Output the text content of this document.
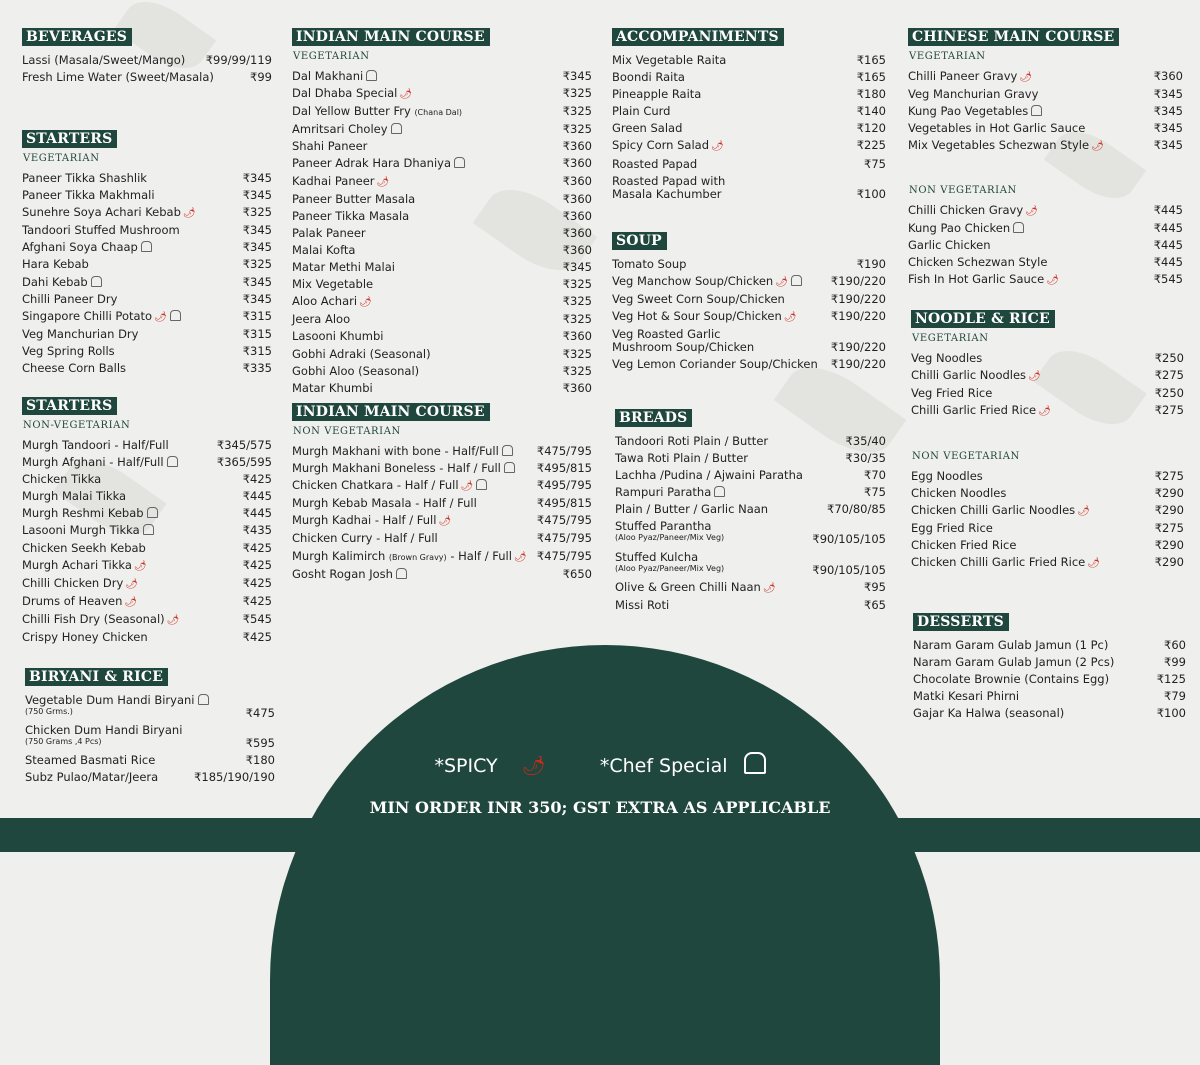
BEVERAGES
Lassi (Masala/Sweet/Mango) ₹99/99/119
Fresh Lime Water (Sweet/Masala)	₹99
STARTERS
VEGETARIAN
Paneer Tikka Shashlik	₹345
Paneer Tikka Makhmali	₹345
Sunehre Soya Achari Kebab 🌶	₹325
Tandoori Stuffed Mushroom	₹345
Afghani Soya Chaap	₹345
Hara Kebab	₹325
Dahi Kebab	₹345
Chilli Paneer Dry	₹345
Singapore Chilli Potato 🌶	₹315
Veg Manchurian Dry	₹315
Veg Spring Rolls	₹315
Cheese Corn Balls	₹335
STARTERS
NON-VEGETARIAN
Murgh Tandoori - Half/Full	₹345/575
Murgh Afghani - Half/Full	₹365/595
Chicken Tikka	₹425
Murgh Malai Tikka	₹445
Murgh Reshmi Kebab	₹445
Lasooni Murgh Tikka	₹435
Chicken Seekh Kebab	₹425
Murgh Achari Tikka 🌶	₹425
Chilli Chicken Dry 🌶	₹425
Drums of Heaven 🌶	₹425
Chilli Fish Dry (Seasonal) 🌶	₹545
Crispy Honey Chicken	₹425
BIRYANI & RICE
Vegetable Dum Handi Biryani
(750 Grms.)	₹475
Chicken Dum Handi Biryani
(750 Grams ,4 Pcs)	₹595
Steamed Basmati Rice	₹180
Subz Pulao/Matar/Jeera	₹185/190/190
INDIAN MAIN COURSE
VEGETARIAN
Dal Makhani	₹345
Dal Dhaba Special 🌶	₹325
Dal Yellow Butter Fry (Chana Dal)	₹325
Amritsari Choley	₹325
Shahi Paneer	₹360
Paneer Adrak Hara Dhaniya	₹360
Kadhai Paneer 🌶	₹360
Paneer Butter Masala	₹360
Paneer Tikka Masala	₹360
Palak Paneer	₹360
Malai Kofta	₹360
Matar Methi Malai	₹345
Mix Vegetable	₹325
Aloo Achari 🌶	₹325
Jeera Aloo	₹325
Lasooni Khumbi	₹360
Gobhi Adraki (Seasonal)	₹325
Gobhi Aloo (Seasonal)	₹325
Matar Khumbi	₹360
INDIAN MAIN COURSE
NON VEGETARIAN
Murgh Makhani with bone - Half/Full	₹475/795
Murgh Makhani Boneless - Half / Full	₹495/815
Chicken Chatkara - Half / Full 🌶	₹495/795
Murgh Kebab Masala - Half / Full	₹495/815
Murgh Kadhai - Half / Full 🌶	₹475/795
Chicken Curry - Half / Full	₹475/795
Murgh Kalimirch (Brown Gravy) - Half / Full 🌶 ₹475/795
Gosht Rogan Josh	₹650
ACCOMPANIMENTS
Mix Vegetable Raita	₹165
Boondi Raita	₹165
Pineapple Raita	₹180
Plain Curd	₹140
Green Salad	₹120
Spicy Corn Salad 🌶	₹225
Roasted Papad	₹75
Roasted Papad with
Masala Kachumber	₹100
SOUP
Tomato Soup	₹190
Veg Manchow Soup/Chicken 🌶	₹190/220
Veg Sweet Corn Soup/Chicken	₹190/220
Veg Hot & Sour Soup/Chicken 🌶	₹190/220
Veg Roasted Garlic
Mushroom Soup/Chicken	₹190/220
Veg Lemon Coriander Soup/Chicken ₹190/220
BREADS
Tandoori Roti Plain / Butter	₹35/40
Tawa Roti Plain / Butter	₹30/35
Lachha /Pudina / Ajwaini Paratha	₹70
Rampuri Paratha	₹75
Plain / Butter / Garlic Naan	₹70/80/85
Stuffed Parantha
(Aloo Pyaz/Paneer/Mix Veg)	₹90/105/105
Stuffed Kulcha
(Aloo Pyaz/Paneer/Mix Veg)	₹90/105/105
Olive & Green Chilli Naan 🌶	₹95
Missi Roti	₹65
CHINESE MAIN COURSE
VEGETARIAN
Chilli Paneer Gravy 🌶	₹360
Veg Manchurian Gravy	₹345
Kung Pao Vegetables	₹345
Vegetables in Hot Garlic Sauce	₹345
Mix Vegetables Schezwan Style 🌶	₹345
NON VEGETARIAN
Chilli Chicken Gravy 🌶	₹445
Kung Pao Chicken	₹445
Garlic Chicken	₹445
Chicken Schezwan Style	₹445
Fish In Hot Garlic Sauce 🌶	₹545
NOODLE & RICE
VEGETARIAN
Veg Noodles	₹250
Chilli Garlic Noodles 🌶	₹275
Veg Fried Rice	₹250
Chilli Garlic Fried Rice 🌶	₹275
NON VEGETARIAN
Egg Noodles	₹275
Chicken Noodles	₹290
Chicken Chilli Garlic Noodles 🌶	₹290
Egg Fried Rice	₹275
Chicken Fried Rice	₹290
Chicken Chilli Garlic Fried Rice 🌶	₹290
DESSERTS
Naram Garam Gulab Jamun (1 Pc)	₹60
Naram Garam Gulab Jamun (2 Pcs)	₹99
Chocolate Brownie (Contains Egg)	₹125
Matki Kesari Phirni	₹79
Gajar Ka Halwa (seasonal)	₹100
*SPICY 🌶	*Chef Special
MIN ORDER INR 350; GST EXTRA AS APPLICABLE
